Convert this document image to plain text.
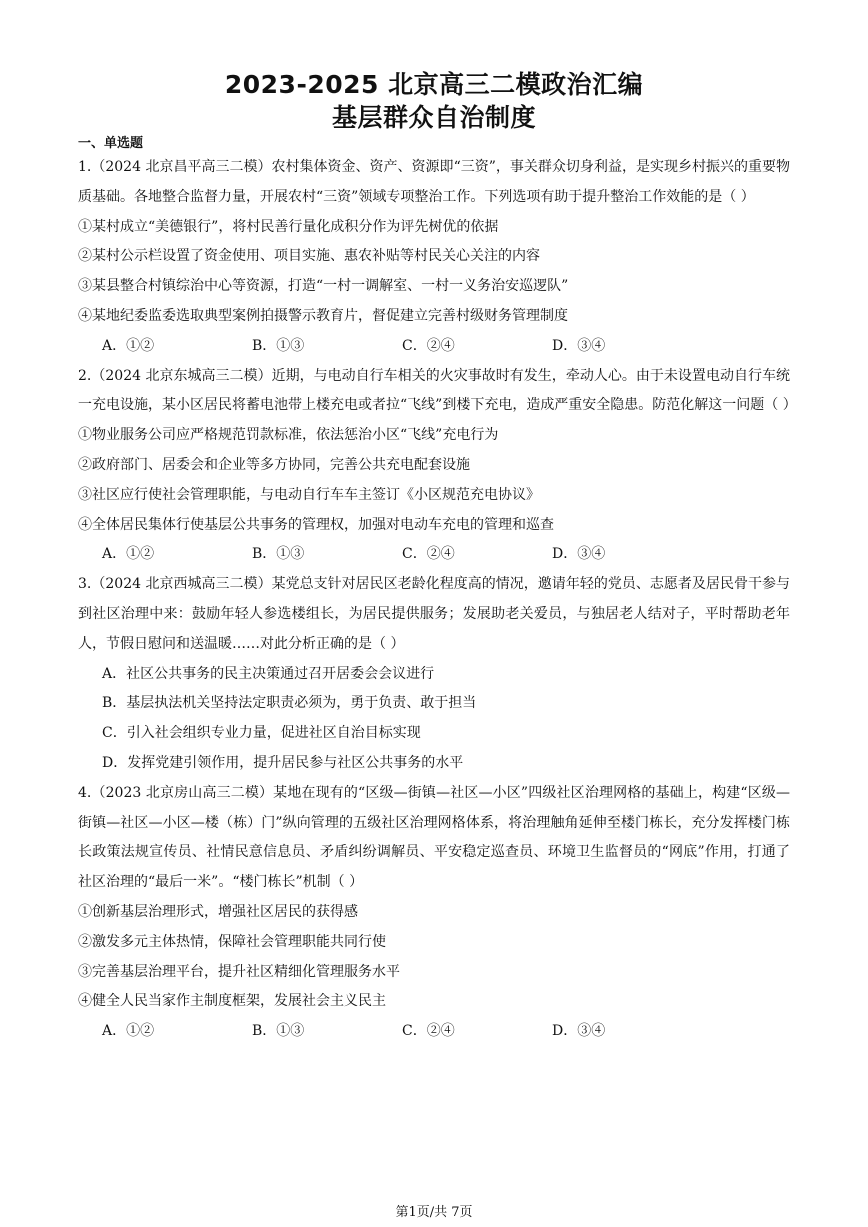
2023-2025 北京高三二模政治汇编
基层群众自治制度
一、单选题
1.（2024 北京昌平高三二模）农村集体资金、资产、资源即“三资”，事关群众切身利益，是实现乡村振兴的重要物质基础。各地整合监督力量，开展农村“三资”领域专项整治工作。下列选项有助于提升整治工作效能的是（ ）
①某村成立“美德银行”，将村民善行量化成积分作为评先树优的依据
②某村公示栏设置了资金使用、项目实施、惠农补贴等村民关心关注的内容
③某县整合村镇综治中心等资源，打造“一村一调解室、一村一义务治安巡逻队”
④某地纪委监委选取典型案例拍摄警示教育片，督促建立完善村级财务管理制度
A．①②	B．①③	C．②④	D．③④
2.（2024 北京东城高三二模）近期，与电动自行车相关的火灾事故时有发生，牵动人心。由于未设置电动自行车统一充电设施，某小区居民将蓄电池带上楼充电或者拉“飞线”到楼下充电，造成严重安全隐患。防范化解这一问题（ ）
①物业服务公司应严格规范罚款标准，依法惩治小区“飞线”充电行为
②政府部门、居委会和企业等多方协同，完善公共充电配套设施
③社区应行使社会管理职能，与电动自行车车主签订《小区规范充电协议》
④全体居民集体行使基层公共事务的管理权，加强对电动车充电的管理和巡查
A．①②	B．①③	C．②④	D．③④
3.（2024 北京西城高三二模）某党总支针对居民区老龄化程度高的情况，邀请年轻的党员、志愿者及居民骨干参与到社区治理中来：鼓励年轻人参选楼组长，为居民提供服务；发展助老关爱员，与独居老人结对子，平时帮助老年人，节假日慰问和送温暖……对此分析正确的是（ ）
A．社区公共事务的民主决策通过召开居委会会议进行
B．基层执法机关坚持法定职责必须为，勇于负责、敢于担当
C．引入社会组织专业力量，促进社区自治目标实现
D．发挥党建引领作用，提升居民参与社区公共事务的水平
4.（2023 北京房山高三二模）某地在现有的“区级—街镇—社区—小区”四级社区治理网格的基础上，构建“区级—街镇—社区—小区—楼（栋）门”纵向管理的五级社区治理网格体系，将治理触角延伸至楼门栋长，充分发挥楼门栋长政策法规宣传员、社情民意信息员、矛盾纠纷调解员、平安稳定巡查员、环境卫生监督员的“网底”作用，打通了社区治理的“最后一米”。“楼门栋长”机制（ ）
①创新基层治理形式，增强社区居民的获得感
②激发多元主体热情，保障社会管理职能共同行使
③完善基层治理平台，提升社区精细化管理服务水平
④健全人民当家作主制度框架，发展社会主义民主
A．①②	B．①③	C．②④	D．③④
第1页/共 7页
